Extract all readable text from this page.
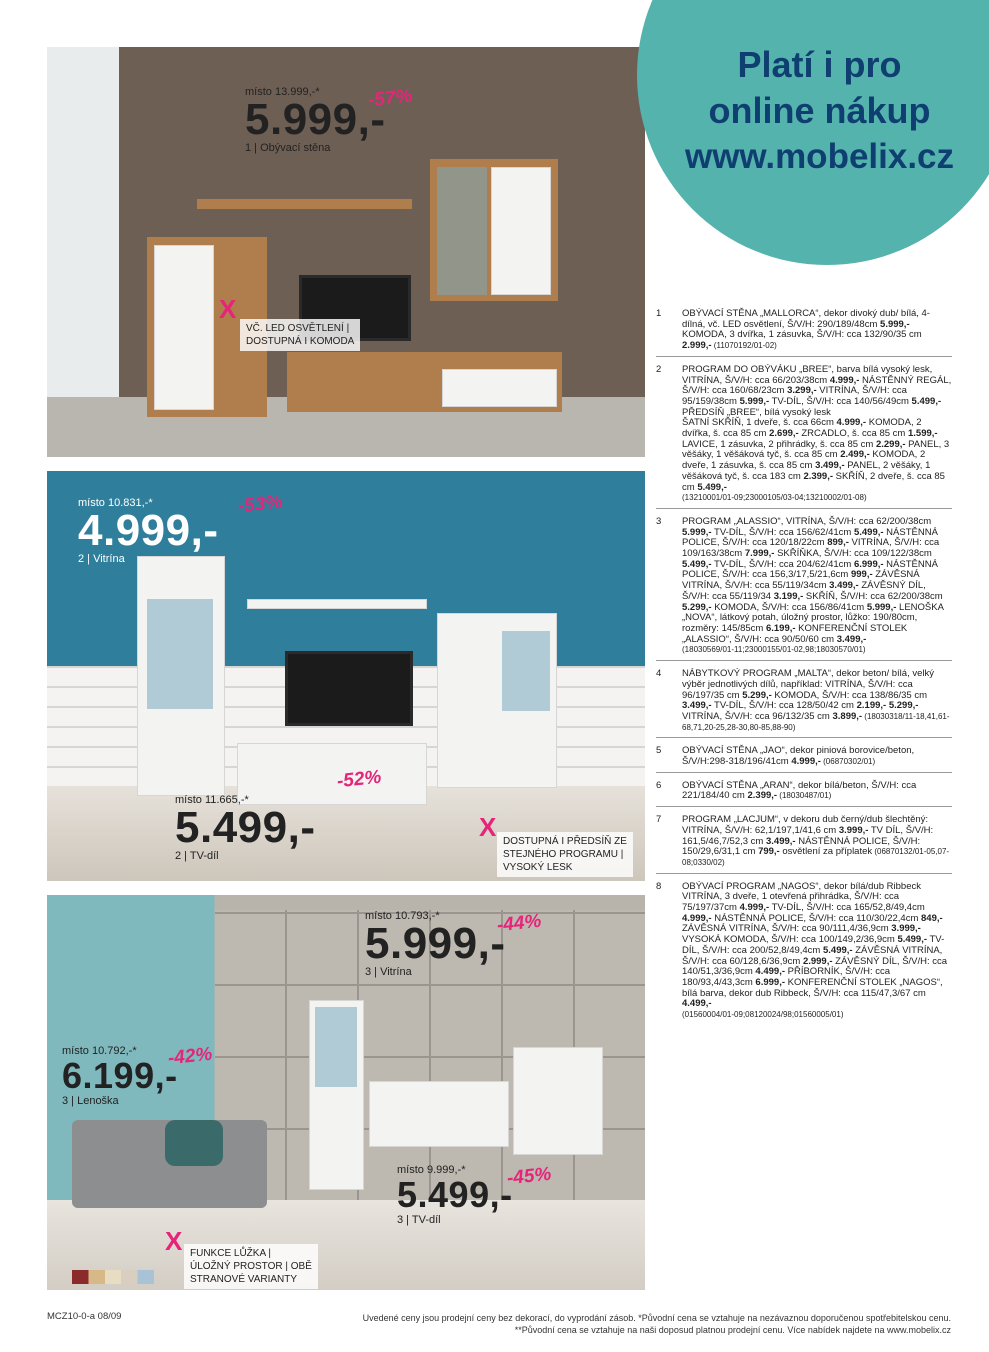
Platí i pro
online nákup
www.mobelix.cz
místo 13.999,-*
5.999,-
1 | Obývací stěna
-57%
místo 10.831,-*
4.999,-
2 | Vitrína
-53%
místo 11.665,-*
5.499,-
2 | TV-díl
-52%
místo 10.793,-*
5.999,-
3 | Vitrína
-44%
místo 10.792,-*
6.199,-
3 | Lenoška
-42%
místo 9.999,-*
5.499,-
3 | TV-díl
-45%
X
VČ. LED OSVĚTLENÍ |
DOSTUPNÁ I KOMODA
X DOSTUPNÁ I PŘEDSÍŇ ZE
STEJNÉHO PROGRAMU |
VYSOKÝ LESK
X FUNKCE LŮŽKA |
ÚLOŽNÝ PROSTOR | OBĚ
STRANOVÉ VARIANTY
1	OBÝVACÍ STĚNA „MALLORCA“, dekor divoký dub/ bílá, 4-dílná, vč. LED osvětlení, Š/V/H: 290/189/48cm 5.999,- KOMODA, 3 dvířka, 1 zásuvka, Š/V/H: cca 132/90/35 cm 2.999,- (11070192/01-02)
2	PROGRAM DO OBÝVÁKU „BREE“, barva bílá vysoký lesk, VITRÍNA, Š/V/H: cca 66/203/38cm 4.999,- NÁSTĚNNÝ REGÁL, Š/V/H: cca 160/68/23cm 3.299,- VITRÍNA, Š/V/H: cca 95/159/38cm 5.999,- TV-DÍL, Š/V/H: cca 140/56/49cm 5.499,- PŘEDSÍŇ „BREE“, bílá vysoký lesk
ŠATNÍ SKŘÍŇ, 1 dveře, š. cca 66cm 4.999,- KOMODA, 2 dvířka, š. cca 85 cm 2.699,- ZRCADLO, š. cca 85 cm 1.599,- LAVICE, 1 zásuvka, 2 přihrádky, š. cca 85 cm 2.299,- PANEL, 3 věšáky, 1 věšáková tyč, š. cca 85 cm 2.499,- KOMODA, 2 dveře, 1 zásuvka, š. cca 85 cm 3.499,- PANEL, 2 věšáky, 1 věšáková tyč, š. cca 183 cm 2.399,- SKŘÍŇ, 2 dveře, š. cca 85 cm 5.499,-
(13210001/01-09;23000105/03-04;13210002/01-08)
3	PROGRAM „ALASSIO“, VITRÍNA, Š/V/H: cca 62/200/38cm 5.999,- TV-DÍL, Š/V/H: cca 156/62/41cm 5.499,- NÁSTĚNNÁ POLICE, Š/V/H: cca 120/18/22cm 899,- VITRÍNA, Š/V/H: cca 109/163/38cm 7.999,- SKŘÍŇKA, Š/V/H: cca 109/122/38cm 5.499,- TV-DÍL, Š/V/H: cca 204/62/41cm 6.999,- NÁSTĚNNÁ POLICE, Š/V/H: cca 156,3/17,5/21,6cm 999,- ZÁVĚSNÁ VITRÍNA, Š/V/H: cca 55/119/34cm 3.499,- ZÁVĚSNÝ DÍL, Š/V/H: cca 55/119/34 3.199,- SKŘÍŇ, Š/V/H: cca 62/200/38cm 5.299,- KOMODA, Š/V/H: cca 156/86/41cm 5.999,- LENOŠKA „NOVA“, látkový potah, úložný prostor, lůžko: 190/80cm, rozměry: 145/85cm 6.199,- KONFERENČNÍ STOLEK „ALASSIO“, Š/V/H: cca 90/50/60 cm 3.499,-
(18030569/01-11;23000155/01-02,98;18030570/01)
4	NÁBYTKOVÝ PROGRAM „MALTA“, dekor beton/ bílá, velký výběr jednotlivých dílů, například: VITRÍNA, Š/V/H: cca 96/197/35 cm 5.299,- KOMODA, Š/V/H: cca 138/86/35 cm 3.499,- TV-DÍL, Š/V/H: cca 128/50/42 cm 2.199,- 5.299,- VITRÍNA, Š/V/H: cca 96/132/35 cm 3.899,- (18030318/11-18,41,61-68,71,20-25,28-30,80-85,88-90)
5	OBÝVACÍ STĚNA „JAO“, dekor piniová borovice/beton, Š/V/H:298-318/196/41cm 4.999,- (06870302/01)
6	OBÝVACÍ STĚNA „ARAN“, dekor bílá/beton, Š/V/H: cca 221/184/40 cm 2.399,- (18030487/01)
7	PROGRAM „LACJUM“, v dekoru dub černý/dub šlechtěný:
VITRÍNA, Š/V/H: 62,1/197,1/41,6 cm 3.999,- TV DÍL, Š/V/H: 161,5/46,7/52,3 cm 3.499,- NÁSTĚNNÁ POLICE, Š/V/H: 150/29,6/31,1 cm 799,- osvětlení za příplatek (06870132/01-05,07-08;0330/02)
8	OBÝVACÍ PROGRAM „NAGOS“, dekor bílá/dub Ribbeck VITRÍNA, 3 dveře, 1 otevřená přihrádka, Š/V/H: cca 75/197/37cm 4.999,- TV-DÍL, Š/V/H: cca 165/52,8/49,4cm 4.999,- NÁSTĚNNÁ POLICE, Š/V/H: cca 110/30/22,4cm 849,- ZÁVĚSNÁ VITRÍNA, Š/V/H: cca 90/111,4/36,9cm 3.999,- VYSOKÁ KOMODA, Š/V/H: cca 100/149,2/36,9cm 5.499,- TV-DÍL, Š/V/H: cca 200/52,8/49,4cm 5.499,- ZÁVĚSNÁ VITRÍNA, Š/V/H: cca 60/128,6/36,9cm 2.999,- ZÁVĚSNÝ DÍL, Š/V/H: cca 140/51,3/36,9cm 4.499,- PŘÍBORNÍK, Š/V/H: cca 180/93,4/43,3cm 6.999,- KONFERENČNÍ STOLEK „NAGOS“, bílá barva, dekor dub Ribbeck, Š/V/H: cca 115/47,3/67 cm 4.499,-
(01560004/01-09;08120024/98;01560005/01)
MCZ10-0-a 08/09	Uvedené ceny jsou prodejní ceny bez dekorací, do vyprodání zásob. *Původní cena se vztahuje na nezávaznou doporučenou spotřebitelskou cenu.
**Původní cena se vztahuje na naši doposud platnou prodejní cenu. Více nabídek najdete na www.mobelix.cz
